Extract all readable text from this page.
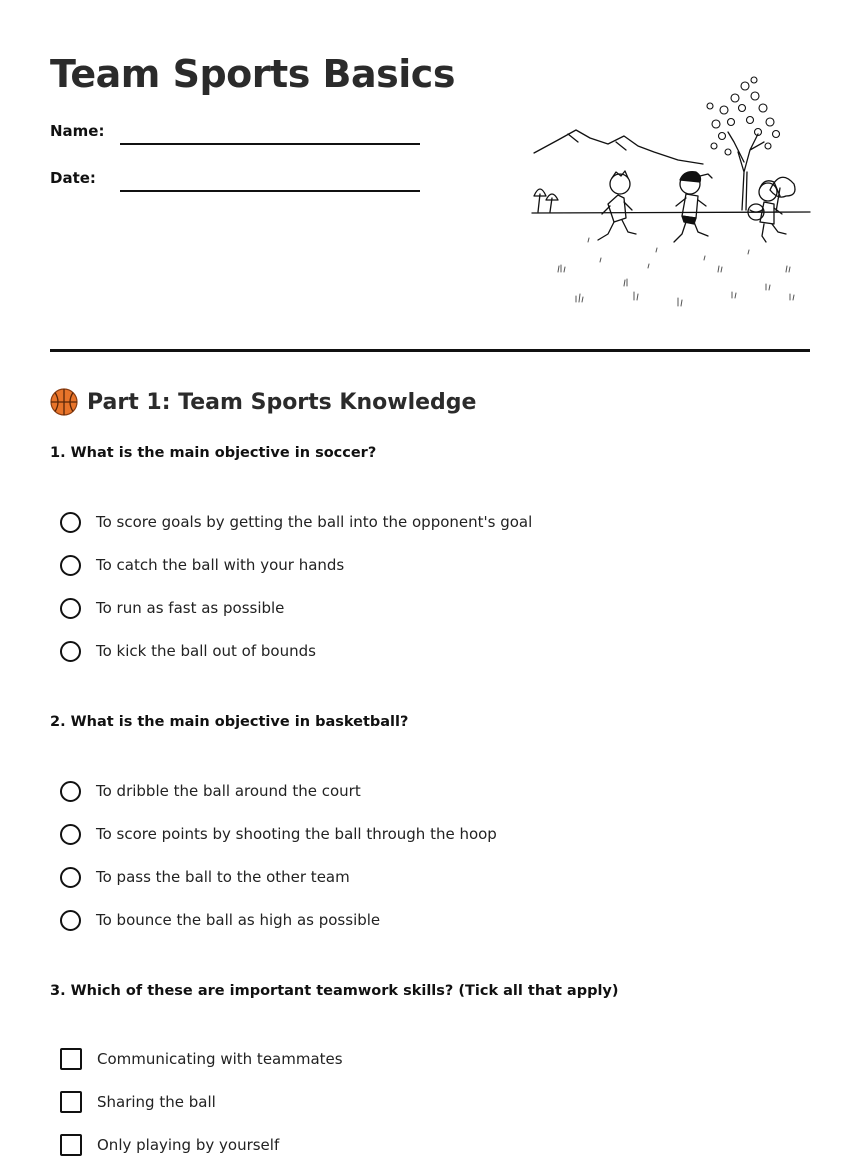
Team Sports Basics
Name:
Date:
Part 1: Team Sports Knowledge

1. What is the main objective in soccer?

To score goals by getting the ball into the opponent's goal
To catch the ball with your hands
To run as fast as possible
To kick the ball out of bounds

2. What is the main objective in basketball?

To dribble the ball around the court
To score points by shooting the ball through the hoop
To pass the ball to the other team
To bounce the ball as high as possible

3. Which of these are important teamwork skills? (Tick all that apply)

Communicating with teammates
Sharing the ball
Only playing by yourself
